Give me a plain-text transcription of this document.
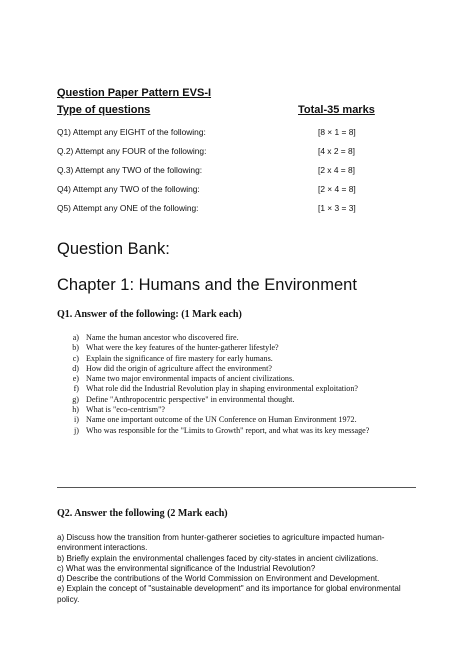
Question Paper Pattern EVS-I
Type of questions	Total-35 marks
Q1) Attempt any EIGHT of the following:	[8 × 1 = 8]
Q.2) Attempt any FOUR of the following:	[4 x 2 = 8]
Q.3) Attempt any TWO of the following:	[2 x 4 = 8]
Q4) Attempt any TWO of the following:	[2 × 4 = 8]
Q5) Attempt any ONE of the following:	[1 × 3 = 3]
Question Bank:
Chapter 1: Humans and the Environment
Q1. Answer of the following: (1 Mark each)
a) Name the human ancestor who discovered fire.
b) What were the key features of the hunter-gatherer lifestyle?
c) Explain the significance of fire mastery for early humans.
d) How did the origin of agriculture affect the environment?
e) Name two major environmental impacts of ancient civilizations.
f) What role did the Industrial Revolution play in shaping environmental exploitation?
g) Define "Anthropocentric perspective" in environmental thought.
h) What is "eco-centrism"?
i) Name one important outcome of the UN Conference on Human Environment 1972.
j) Who was responsible for the "Limits to Growth" report, and what was its key message?
Q2. Answer the following (2 Mark each)
a) Discuss how the transition from hunter-gatherer societies to agriculture impacted human-environment interactions.
b) Briefly explain the environmental challenges faced by city-states in ancient civilizations.
c) What was the environmental significance of the Industrial Revolution?
d) Describe the contributions of the World Commission on Environment and Development.
e) Explain the concept of "sustainable development" and its importance for global environmental policy.
